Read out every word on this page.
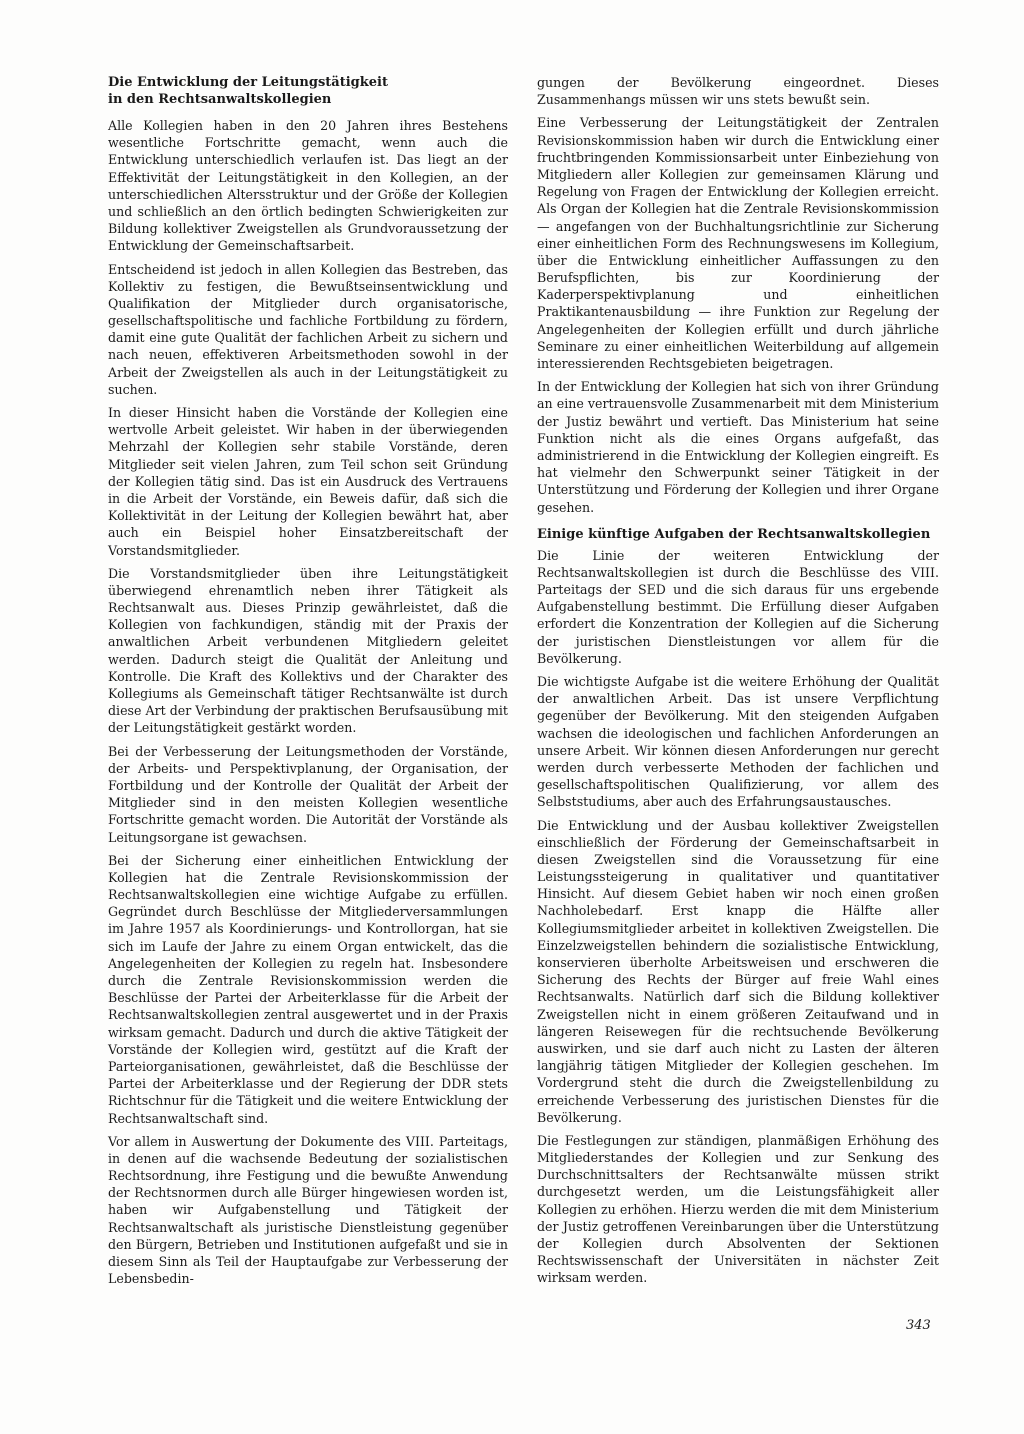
Die Entwicklung der Leitungstätigkeit
in den Rechtsanwaltskollegien

Alle Kollegien haben in den 20 Jahren ihres Bestehens wesentliche Fortschritte gemacht, wenn auch die Entwicklung unterschiedlich verlaufen ist. Das liegt an der Effektivität der Leitungstätigkeit in den Kollegien, an der unterschiedlichen Altersstruktur und der Größe der Kollegien und schließlich an den örtlich bedingten Schwierigkeiten zur Bildung kollektiver Zweigstellen als Grundvoraussetzung der Entwicklung der Gemeinschaftsarbeit.

Entscheidend ist jedoch in allen Kollegien das Bestreben, das Kollektiv zu festigen, die Bewußtseinsentwicklung und Qualifikation der Mitglieder durch organisatorische, gesellschaftspolitische und fachliche Fortbildung zu fördern, damit eine gute Qualität der fachlichen Arbeit zu sichern und nach neuen, effektiveren Arbeitsmethoden sowohl in der Arbeit der Zweigstellen als auch in der Leitungstätigkeit zu suchen.

In dieser Hinsicht haben die Vorstände der Kollegien eine wertvolle Arbeit geleistet. Wir haben in der überwiegenden Mehrzahl der Kollegien sehr stabile Vorstände, deren Mitglieder seit vielen Jahren, zum Teil schon seit Gründung der Kollegien tätig sind. Das ist ein Ausdruck des Vertrauens in die Arbeit der Vorstände, ein Beweis dafür, daß sich die Kollektivität in der Leitung der Kollegien bewährt hat, aber auch ein Beispiel hoher Einsatzbereitschaft der Vorstandsmitglieder.

Die Vorstandsmitglieder üben ihre Leitungstätigkeit überwiegend ehrenamtlich neben ihrer Tätigkeit als Rechtsanwalt aus. Dieses Prinzip gewährleistet, daß die Kollegien von fachkundigen, ständig mit der Praxis der anwaltlichen Arbeit verbundenen Mitgliedern geleitet werden. Dadurch steigt die Qualität der Anleitung und Kontrolle. Die Kraft des Kollektivs und der Charakter des Kollegiums als Gemeinschaft tätiger Rechtsanwälte ist durch diese Art der Verbindung der praktischen Berufsausübung mit der Leitungstätigkeit gestärkt worden.

Bei der Verbesserung der Leitungsmethoden der Vorstände, der Arbeits- und Perspektivplanung, der Organisation, der Fortbildung und der Kontrolle der Qualität der Arbeit der Mitglieder sind in den meisten Kollegien wesentliche Fortschritte gemacht worden. Die Autorität der Vorstände als Leitungsorgane ist gewachsen.

Bei der Sicherung einer einheitlichen Entwicklung der Kollegien hat die Zentrale Revisionskommission der Rechtsanwaltskollegien eine wichtige Aufgabe zu erfüllen. Gegründet durch Beschlüsse der Mitgliederversammlungen im Jahre 1957 als Koordinierungs- und Kontrollorgan, hat sie sich im Laufe der Jahre zu einem Organ entwickelt, das die Angelegenheiten der Kollegien zu regeln hat. Insbesondere durch die Zentrale Revisionskommission werden die Beschlüsse der Partei der Arbeiterklasse für die Arbeit der Rechtsanwaltskollegien zentral ausgewertet und in der Praxis wirksam gemacht. Dadurch und durch die aktive Tätigkeit der Vorstände der Kollegien wird, gestützt auf die Kraft der Parteiorganisationen, gewährleistet, daß die Beschlüsse der Partei der Arbeiterklasse und der Regierung der DDR stets Richtschnur für die Tätigkeit und die weitere Entwicklung der Rechtsanwaltschaft sind.

Vor allem in Auswertung der Dokumente des VIII. Parteitags, in denen auf die wachsende Bedeutung der sozialistischen Rechtsordnung, ihre Festigung und die bewußte Anwendung der Rechtsnormen durch alle Bürger hingewiesen worden ist, haben wir Aufgabenstellung und Tätigkeit der Rechtsanwaltschaft als juristische Dienstleistung gegenüber den Bürgern, Betrieben und Institutionen aufgefaßt und sie in diesem Sinn als Teil der Hauptaufgabe zur Verbesserung der Lebensbedin-

gungen der Bevölkerung eingeordnet. Dieses Zusammenhangs müssen wir uns stets bewußt sein.

Eine Verbesserung der Leitungstätigkeit der Zentralen Revisionskommission haben wir durch die Entwicklung einer fruchtbringenden Kommissionsarbeit unter Einbeziehung von Mitgliedern aller Kollegien zur gemeinsamen Klärung und Regelung von Fragen der Entwicklung der Kollegien erreicht. Als Organ der Kollegien hat die Zentrale Revisionskommission — angefangen von der Buchhaltungsrichtlinie zur Sicherung einer einheitlichen Form des Rechnungswesens im Kollegium, über die Entwicklung einheitlicher Auffassungen zu den Berufspflichten, bis zur Koordinierung der Kaderperspektivplanung und einheitlichen Praktikantenausbildung — ihre Funktion zur Regelung der Angelegenheiten der Kollegien erfüllt und durch jährliche Seminare zu einer einheitlichen Weiterbildung auf allgemein interessierenden Rechtsgebieten beigetragen.

In der Entwicklung der Kollegien hat sich von ihrer Gründung an eine vertrauensvolle Zusammenarbeit mit dem Ministerium der Justiz bewährt und vertieft. Das Ministerium hat seine Funktion nicht als die eines Organs aufgefaßt, das administrierend in die Entwicklung der Kollegien eingreift. Es hat vielmehr den Schwerpunkt seiner Tätigkeit in der Unterstützung und Förderung der Kollegien und ihrer Organe gesehen.

Einige künftige Aufgaben der Rechtsanwaltskollegien

Die Linie der weiteren Entwicklung der Rechtsanwaltskollegien ist durch die Beschlüsse des VIII. Parteitags der SED und die sich daraus für uns ergebende Aufgabenstellung bestimmt. Die Erfüllung dieser Aufgaben erfordert die Konzentration der Kollegien auf die Sicherung der juristischen Dienstleistungen vor allem für die Bevölkerung.

Die wichtigste Aufgabe ist die weitere Erhöhung der Qualität der anwaltlichen Arbeit. Das ist unsere Verpflichtung gegenüber der Bevölkerung. Mit den steigenden Aufgaben wachsen die ideologischen und fachlichen Anforderungen an unsere Arbeit. Wir können diesen Anforderungen nur gerecht werden durch verbesserte Methoden der fachlichen und gesellschaftspolitischen Qualifizierung, vor allem des Selbststudiums, aber auch des Erfahrungsaustausches.

Die Entwicklung und der Ausbau kollektiver Zweigstellen einschließlich der Förderung der Gemeinschaftsarbeit in diesen Zweigstellen sind die Voraussetzung für eine Leistungssteigerung in qualitativer und quantitativer Hinsicht. Auf diesem Gebiet haben wir noch einen großen Nachholebedarf. Erst knapp die Hälfte aller Kollegiumsmitglieder arbeitet in kollektiven Zweigstellen. Die Einzelzweigstellen behindern die sozialistische Entwicklung, konservieren überholte Arbeitsweisen und erschweren die Sicherung des Rechts der Bürger auf freie Wahl eines Rechtsanwalts. Natürlich darf sich die Bildung kollektiver Zweigstellen nicht in einem größeren Zeitaufwand und in längeren Reisewegen für die rechtsuchende Bevölkerung auswirken, und sie darf auch nicht zu Lasten der älteren langjährig tätigen Mitglieder der Kollegien geschehen. Im Vordergrund steht die durch die Zweigstellenbildung zu erreichende Verbesserung des juristischen Dienstes für die Bevölkerung.

Die Festlegungen zur ständigen, planmäßigen Erhöhung des Mitgliederstandes der Kollegien und zur Senkung des Durchschnittsalters der Rechtsanwälte müssen strikt durchgesetzt werden, um die Leistungsfähigkeit aller Kollegien zu erhöhen. Hierzu werden die mit dem Ministerium der Justiz getroffenen Vereinbarungen über die Unterstützung der Kollegien durch Absolventen der Sektionen Rechtswissenschaft der Universitäten in nächster Zeit wirksam werden.

343
